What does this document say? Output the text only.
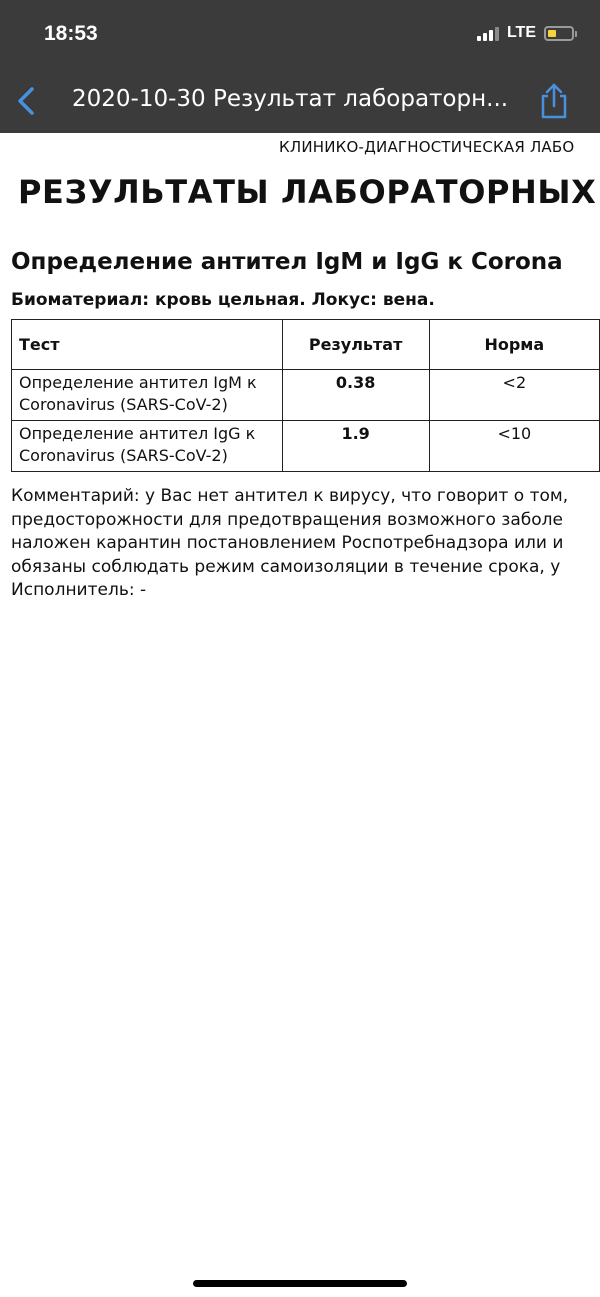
18:53	LTE
2020-10-30 Результат лабораторн...
КЛИНИКО-ДИАГНОСТИЧЕСКАЯ ЛАБО
РЕЗУЛЬТАТЫ ЛАБОРАТОРНЫХ
Определение антител IgM и IgG к Corona
Биоматериал: кровь цельная. Локус: вена.
Тест	Результат	Норма

Определение антител IgM к
Coronavirus (SARS-CoV-2)	0.38	<2

Определение антител IgG к
Coronavirus (SARS-CoV-2)	1.9	<10
Комментарий: у Вас нет антител к вирусу, что говорит о том,
предосторожности для предотвращения возможного заболе
наложен карантин постановлением Роспотребнадзора или и
обязаны соблюдать режим самоизоляции в течение срока, у
Исполнитель: -
